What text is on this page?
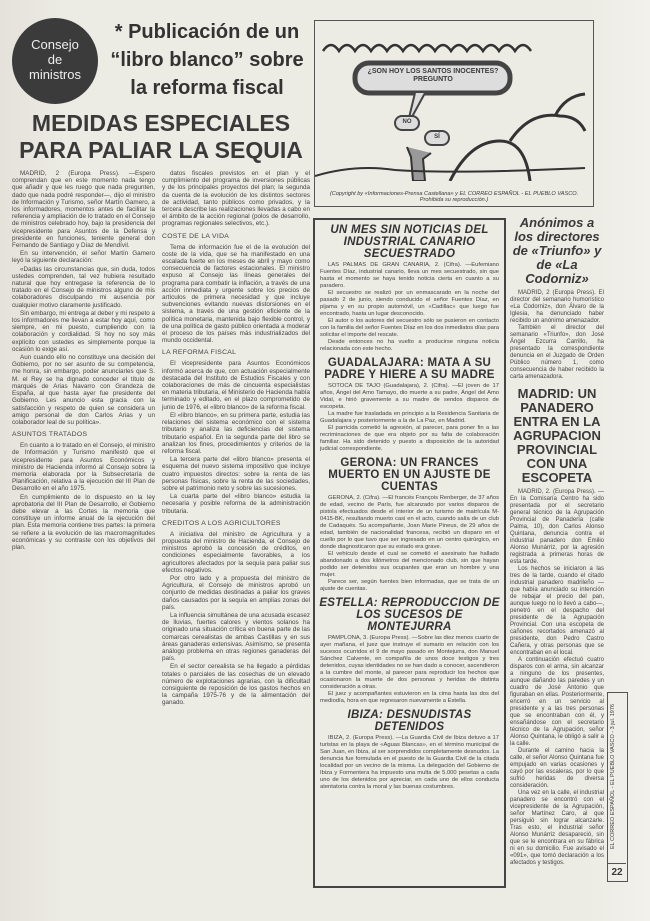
Consejo
de
ministros
* Publicación de un “libro blanco” sobre la reforma fiscal
MEDIDAS ESPECIALES
PARA PALIAR LA SEQUIA

MADRID, 2 (Europa Press). —Espero comprendan que en este momento nada tengo que añadir y que les ruego que nada pregunten, dado que nada podré responder—, dijo el ministro de Información y Turismo, señor Martín Gamero, a los informadores, momentos antes de facilitar la referencia y ampliación de lo tratado en el Consejo de ministros celebrado hoy, bajo la presidencia del vicepresidente para Asuntos de la Defensa y presidente en funciones, teniente general don Fernando de Santiago y Díaz de Mendívil.

En su intervención, el señor Martín Gamero leyó la siguiente declaración:

«Dadas las circunstancias que, sin duda, todos ustedes comprenden, tal vez hubiera resultado natural que hoy entregase la referencia de lo tratado en el Consejo de ministros alguno de mis colaboradores disculpando mi ausencia por cualquier motivo claramente justificado.

Sin embargo, mi entrega al deber y mi respeto a los informadores me llevan a estar hoy aquí, como siempre, en mi puesto, cumpliendo con la colaboración y cordialidad. Si hoy no soy más explícito con ustedes es simplemente porque la ocasión lo exige así.

Aun cuando ello no constituye una decisión del Gobierno, por no ser asunto de su competencia, me honra, sin embargo, poder anunciarles que S. M. el Rey se ha dignado conceder el título de marqués de Arias Navarro con Grandeza de España, al que hasta ayer fue presidente del Gobierno. Les anuncio esta gracia con la satisfacción y respeto de quien se considera un amigo personal de don Carlos Arias y un colaborador leal de su política».

ASUNTOS TRATADOS

En cuanto a lo tratado en el Consejo, el ministro de Información y Turismo manifestó que el vicepresidente para Asuntos Económicos y ministro de Hacienda informó al Consejo sobre la memoria elaborada por la Subsecretaría de Planificación, relativa a la ejecución del III Plan de Desarrollo en el año 1975.

En cumplimiento de lo dispuesto en la ley aprobatoria del III Plan de Desarrollo, el Gobierno debe elevar a las Cortes la memoria que constituye un informe anual de la ejecución del plan. Esta memoria contiene tres partes: la primera se refiere a la evolución de las macromagnitudes económicas y su contraste con los objetivos del plan.

datos fiscales previstos en el plan y el cumplimiento del programa de inversiones públicas y de los principales proyectos del plan; la segunda da cuenta de la evolución de los distintos sectores de actividad, tanto públicos como privados, y la tercera describe las realizaciones llevadas a cabo en el ámbito de la acción regional (polos de desarrollo, programas regionales selectivos, etc.).

COSTE DE LA VIDA

Tema de información fue el de la evolución del coste de la vida, que se ha manifestado en una escalada fuerte en los meses de abril y mayo como consecuencia de factores estacionales. El ministro expuso al Consejo las líneas generales del programa para combatir la inflación, a través de una acción inmediata y urgente sobre los precios de artículos de primera necesidad y que incluye subvenciones evitando nuevas distorsiones en el sistema, a través de una gestión eficiente de la política monetaria, mantenida bajo flexible control, y de una política de gasto público orientada a moderar el proceso de los países más industrializados del mundo occidental.

LA REFORMA FISCAL

El vicepresidente para Asuntos Económicos informó acerca de que, con actuación especialmente destacada del Instituto de Estudios Fiscales y con colaboraciones de más de cincuenta especialistas en materia tributaria, el Ministerio de Hacienda había terminado y editado, en el plazo comprometido de junio de 1976, el «libro blanco» de la reforma fiscal.

El «libro blanco», en su primera parte, estudia las relaciones del sistema económico con el sistema tributario y analiza las deficiencias del sistema tributario español. En la segunda parte del libro se analizan los fines, procedimientos y criterios de la reforma fiscal.

La tercera parte del «libro blanco» presenta el esquema del nuevo sistema impositivo que incluye cuatro impuestos directos: sobre la renta de las personas físicas, sobre la renta de las sociedades, sobre el patrimonio neto y sobre las sucesiones.

La cuarta parte del «libro blanco» estudia la necesaria y posible reforma de la administración tributaria.

CREDITOS A LOS AGRICULTORES

A iniciativa del ministro de Agricultura y a propuesta del ministro de Hacienda, el Consejo de ministros aprobó la concesión de créditos, en condiciones especialmente favorables, a los agricultores afectados por la sequía para paliar sus efectos negativos.

Por otro lado y a propuesta del ministro de Agricultura, el Consejo de ministros aprobó un conjunto de medidas destinadas a paliar los graves daños causados por la sequía en amplias zonas del país.

La influencia simultánea de una acusada escasez de lluvias, fuertes calores y vientos solanos ha originado una situación crítica en buena parte de las comarcas cerealistas de ambas Castillas y en sus áreas ganaderas extensivas. Asimismo, se presenta análogo problema en otras regiones ganaderas del país.

En el sector cerealista se ha llegado a pérdidas totales o parciales de las cosechas de un elevado número de explotaciones agrarias, con la dificultad consiguiente de reposición de los gastos hechos en la campaña 1975-76 y de la alimentación del ganado.

¿SON HOY LOS SANTOS INOCENTES? PREGUNTO
NO
SÍ
(Copyright by «Informaciones-Prensa Castellana» y EL CORREO ESPAÑOL - EL PUEBLO VASCO. Prohibida su reproducción.)
UN MES SIN NOTICIAS DEL INDUSTRIAL CANARIO SECUESTRADO

LAS PALMAS DE GRAN CANARIA, 2. (Cifra). —Eufemiano Fuentes Díaz, industrial canario, lleva un mes secuestrado, sin que hasta el momento se haya tenido noticia cierta en cuanto a su paradero.

El secuestro se realizó por un enmascarado en la noche del pasado 2 de junio, siendo conducido el señor Fuentes Díaz, en pijama y en su propio automóvil, un «Cadillac» que luego fue encontrado, hasta un lugar desconocido.

El autor o los autores del secuestro sólo se pusieron en contacto con la familia del señor Fuentes Díaz en los dos inmediatos días para solicitar el importe del rescate.

Desde entonces no ha vuelto a producirse ninguna noticia relacionada con este hecho.

GUADALAJARA: MATA A SU PADRE Y HIERE A SU MADRE

SOTOCA DE TAJO (Guadalajara), 2. (Cifra). —El joven de 17 años, Ángel del Amo Tamayo, dio muerte a su padre, Ángel del Amo Vidal, e hirió gravemente a su madre de sendos disparos de escopeta.

La madre fue trasladada en principio a la Residencia Sanitaria de Guadalajara y posteriormente a la de La Paz, en Madrid.

El parricida cometió la agresión, al parecer, para poner fin a las recriminaciones de que era objeto por su falta de colaboración familiar. Ha sido detenido y puesto a disposición de la autoridad judicial correspondiente.

GERONA: UN FRANCES MUERTO EN UN AJUSTE DE CUENTAS

GERONA, 2. (Cifra). —El francés François Renberger, de 37 años de edad, vecino de París, fue alcanzado por varios disparos de pistola efectuados desde el interior de un turismo de matrícula M-0415-BK, resultando muerto casi en el acto, cuando salía de un club de Cadaqués. Su acompañante, Joan Marie Pineus, de 29 años de edad, también de nacionalidad francesa, recibió un disparo en el cuello por lo que tuvo que ser ingresado en un centro quirúrgico, en donde diagnosticaron que su estado era grave.

El vehículo desde el cual se cometió el asesinato fue hallado abandonado a dos kilómetros del mencionado club, sin que hayan podido ser detenidos sus ocupantes que eran un hombre y una mujer.

Parece ser, según fuentes bien informadas, que se trata de un ajuste de cuentas.

ESTELLA: REPRODUCCION DE LOS SUCESOS DE MONTEJURRA

PAMPLONA, 3. (Europa Press). —Sobre las diez menos cuarto de ayer mañana, el juez que instruye el sumario en relación con los sucesos ocurridos el 9 de mayo pasado en Montejurra, don Manuel Sánchez Calvente, en compañía de unos doce testigos y tres detenidos, cuyas identidades no se han dado a conocer, ascendieron a la cumbre del monte, al parecer para reproducir los hechos que ocasionaron la muerte de dos personas y heridas de distinta consideración a otras.

El juez y acompañantes estuvieron en la cima hasta las dos del mediodía, hora en que regresaron nuevamente a Estella.

IBIZA: DESNUDISTAS DETENIDOS

IBIZA, 2. (Europa Press). —La Guardia Civil de Ibiza detuvo a 17 turistas en la playa de «Aguas Blancas», en el término municipal de San Juan, en Ibiza, al ser sorprendidos completamente desnudos. La denuncia fue formulada en el puesto de la Guardia Civil de la citada localidad por un vecino de la misma. La delegación del Gobierno de Ibiza y Formentera ha impuesto una multa de 5.000 pesetas a cada uno de los detenidos por apreciar, en cada uno de ellos conducta atentatoria contra la moral y las buenas costumbres.

Anónimos a los directores de «Triunfo» y de «La Codorniz»

MADRID, 2 (Europa Press). El director del semanario humorístico «La Codorniz», don Álvaro de la Iglesia, ha denunciado haber recibido un anónimo amenazador.

También el director del semanario «Triunfo», don José Ángel Ezcurra Carrillo, ha presentado la correspondiente denuncia en el Juzgado de Orden Público número 1, como consecuencia de haber recibido la carta amenazadora.

MADRID: UN PANADERO ENTRA EN LA AGRUPACION PROVINCIAL CON UNA ESCOPETA

MADRID, 2. (Europa Press). — En la Comisaría Centro ha sido presentada por el secretario general técnico de la Agrupación Provincial de Panadería (calle Palma, 10), don Carlos Alonso Quintana, denuncia contra el industrial panadero don Emilio Alonso Munárriz, por la agresión registrada a primeras horas de esta tarde.

Los hechos se iniciaron a las tres de la tarde, cuando el citado industrial panadero madrileño —que había anunciado su intención de rebajar el precio del pan, aunque luego no lo llevó a cabo—, penetró en el despacho del presidente de la Agrupación Provincial. Con una escopeta de cañones recortados amenazó al presidente, don Pedro Castro Cañera, y otras personas que se encontraban en el local.

A continuación efectuó cuatro disparos con el arma, sin alcanzar a ninguno de los presentes, aunque dañando las paredes y un cuadro de José Antonio que figuraban en ellas. Posteriormente, encerró en un servicio al presidente y a las tres personas que se encontraban con él, y ensañándose con el secretario técnico de la Agrupación, señor Alonso Quintana, le obligó a salir a la calle.

Durante el camino hacia la calle, el señor Alonso Quintana fue empujado en varias ocasiones y cayó por las escaleras, por lo que sufrió heridas de diversa consideración.

Una vez en la calle, el industrial panadero se encontró con el vicepresidente de la Agrupación, señor Martínez Caro, al que persiguió sin lograr alcanzarle. Tras esto, el industrial señor Alonso Munárriz desapareció, sin que se le encontrara en su fábrica ni en su domicilio. Fue avisado el «091», que tomó declaración a los afectados y testigos.

EL CORREO ESPAÑOL - EL PUEBLO VASCO - 3 jul. 1976
22
